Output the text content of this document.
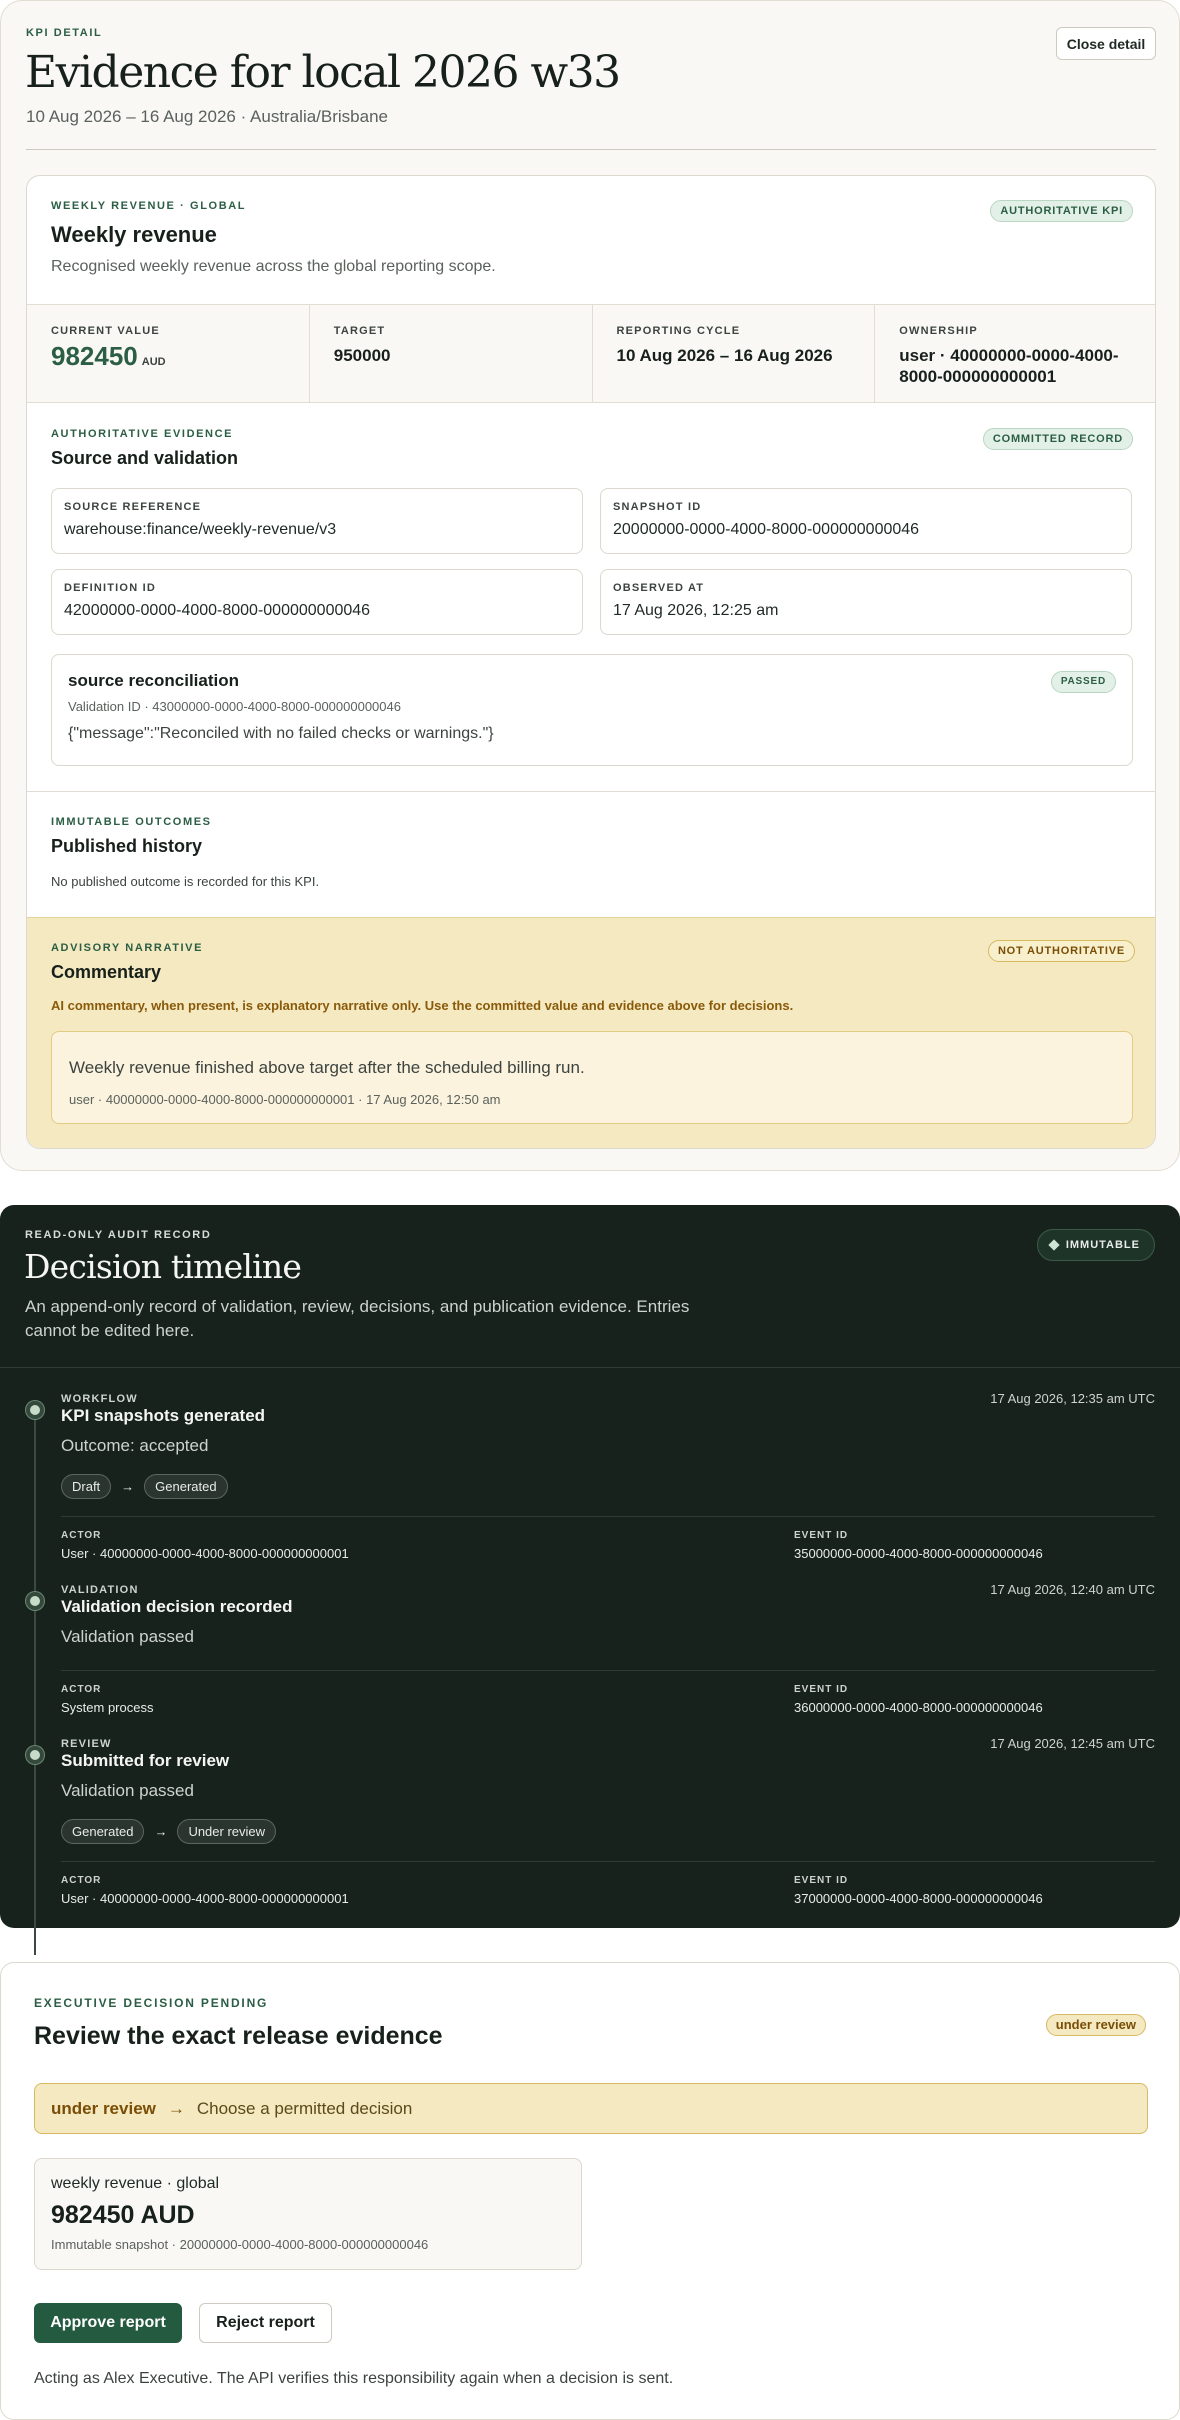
KPI DETAIL
Evidence for local 2026 w33
10 Aug 2026 – 16 Aug 2026 · Australia/Brisbane
Close detail
WEEKLY REVENUE · GLOBAL	AUTHORITATIVE KPI
Weekly revenue
Recognised weekly revenue across the global reporting scope.
CURRENT VALUE
982450 AUD
TARGET
950000
REPORTING CYCLE
10 Aug 2026 – 16 Aug 2026
OWNERSHIP
user · 40000000-0000-4000-8000-000000000001
AUTHORITATIVE EVIDENCE	COMMITTED RECORD
Source and validation
SOURCE REFERENCE
warehouse:finance/weekly-revenue/v3
SNAPSHOT ID
20000000-0000-4000-8000-000000000046
DEFINITION ID
42000000-0000-4000-8000-000000000046
OBSERVED AT
17 Aug 2026, 12:25 am
source reconciliation	PASSED
Validation ID · 43000000-0000-4000-8000-000000000046
{"message":"Reconciled with no failed checks or warnings."}
IMMUTABLE OUTCOMES
Published history
No published outcome is recorded for this KPI.
ADVISORY NARRATIVE	NOT AUTHORITATIVE
Commentary
AI commentary, when present, is explanatory narrative only. Use the committed value and evidence above for decisions.
Weekly revenue finished above target after the scheduled billing run.
user · 40000000-0000-4000-8000-000000000001 · 17 Aug 2026, 12:50 am
READ-ONLY AUDIT RECORD
IMMUTABLE
Decision timeline
An append-only record of validation, review, decisions, and publication evidence. Entries cannot be edited here.
WORKFLOW	17 Aug 2026, 12:35 am UTC
KPI snapshots generated
Outcome: accepted
Draft	→	Generated
ACTOR
User · 40000000-0000-4000-8000-000000000001
EVENT ID
35000000-0000-4000-8000-000000000046
VALIDATION	17 Aug 2026, 12:40 am UTC
Validation decision recorded
Validation passed
ACTOR
System process
EVENT ID
36000000-0000-4000-8000-000000000046
REVIEW	17 Aug 2026, 12:45 am UTC
Submitted for review
Validation passed
Generated	→	Under review
ACTOR
User · 40000000-0000-4000-8000-000000000001
EVENT ID
37000000-0000-4000-8000-000000000046
EXECUTIVE DECISION PENDING
under review
Review the exact release evidence
under review → Choose a permitted decision
weekly revenue · global
982450 AUD
Immutable snapshot · 20000000-0000-4000-8000-000000000046
Approve report	Reject report
Acting as Alex Executive. The API verifies this responsibility again when a decision is sent.
